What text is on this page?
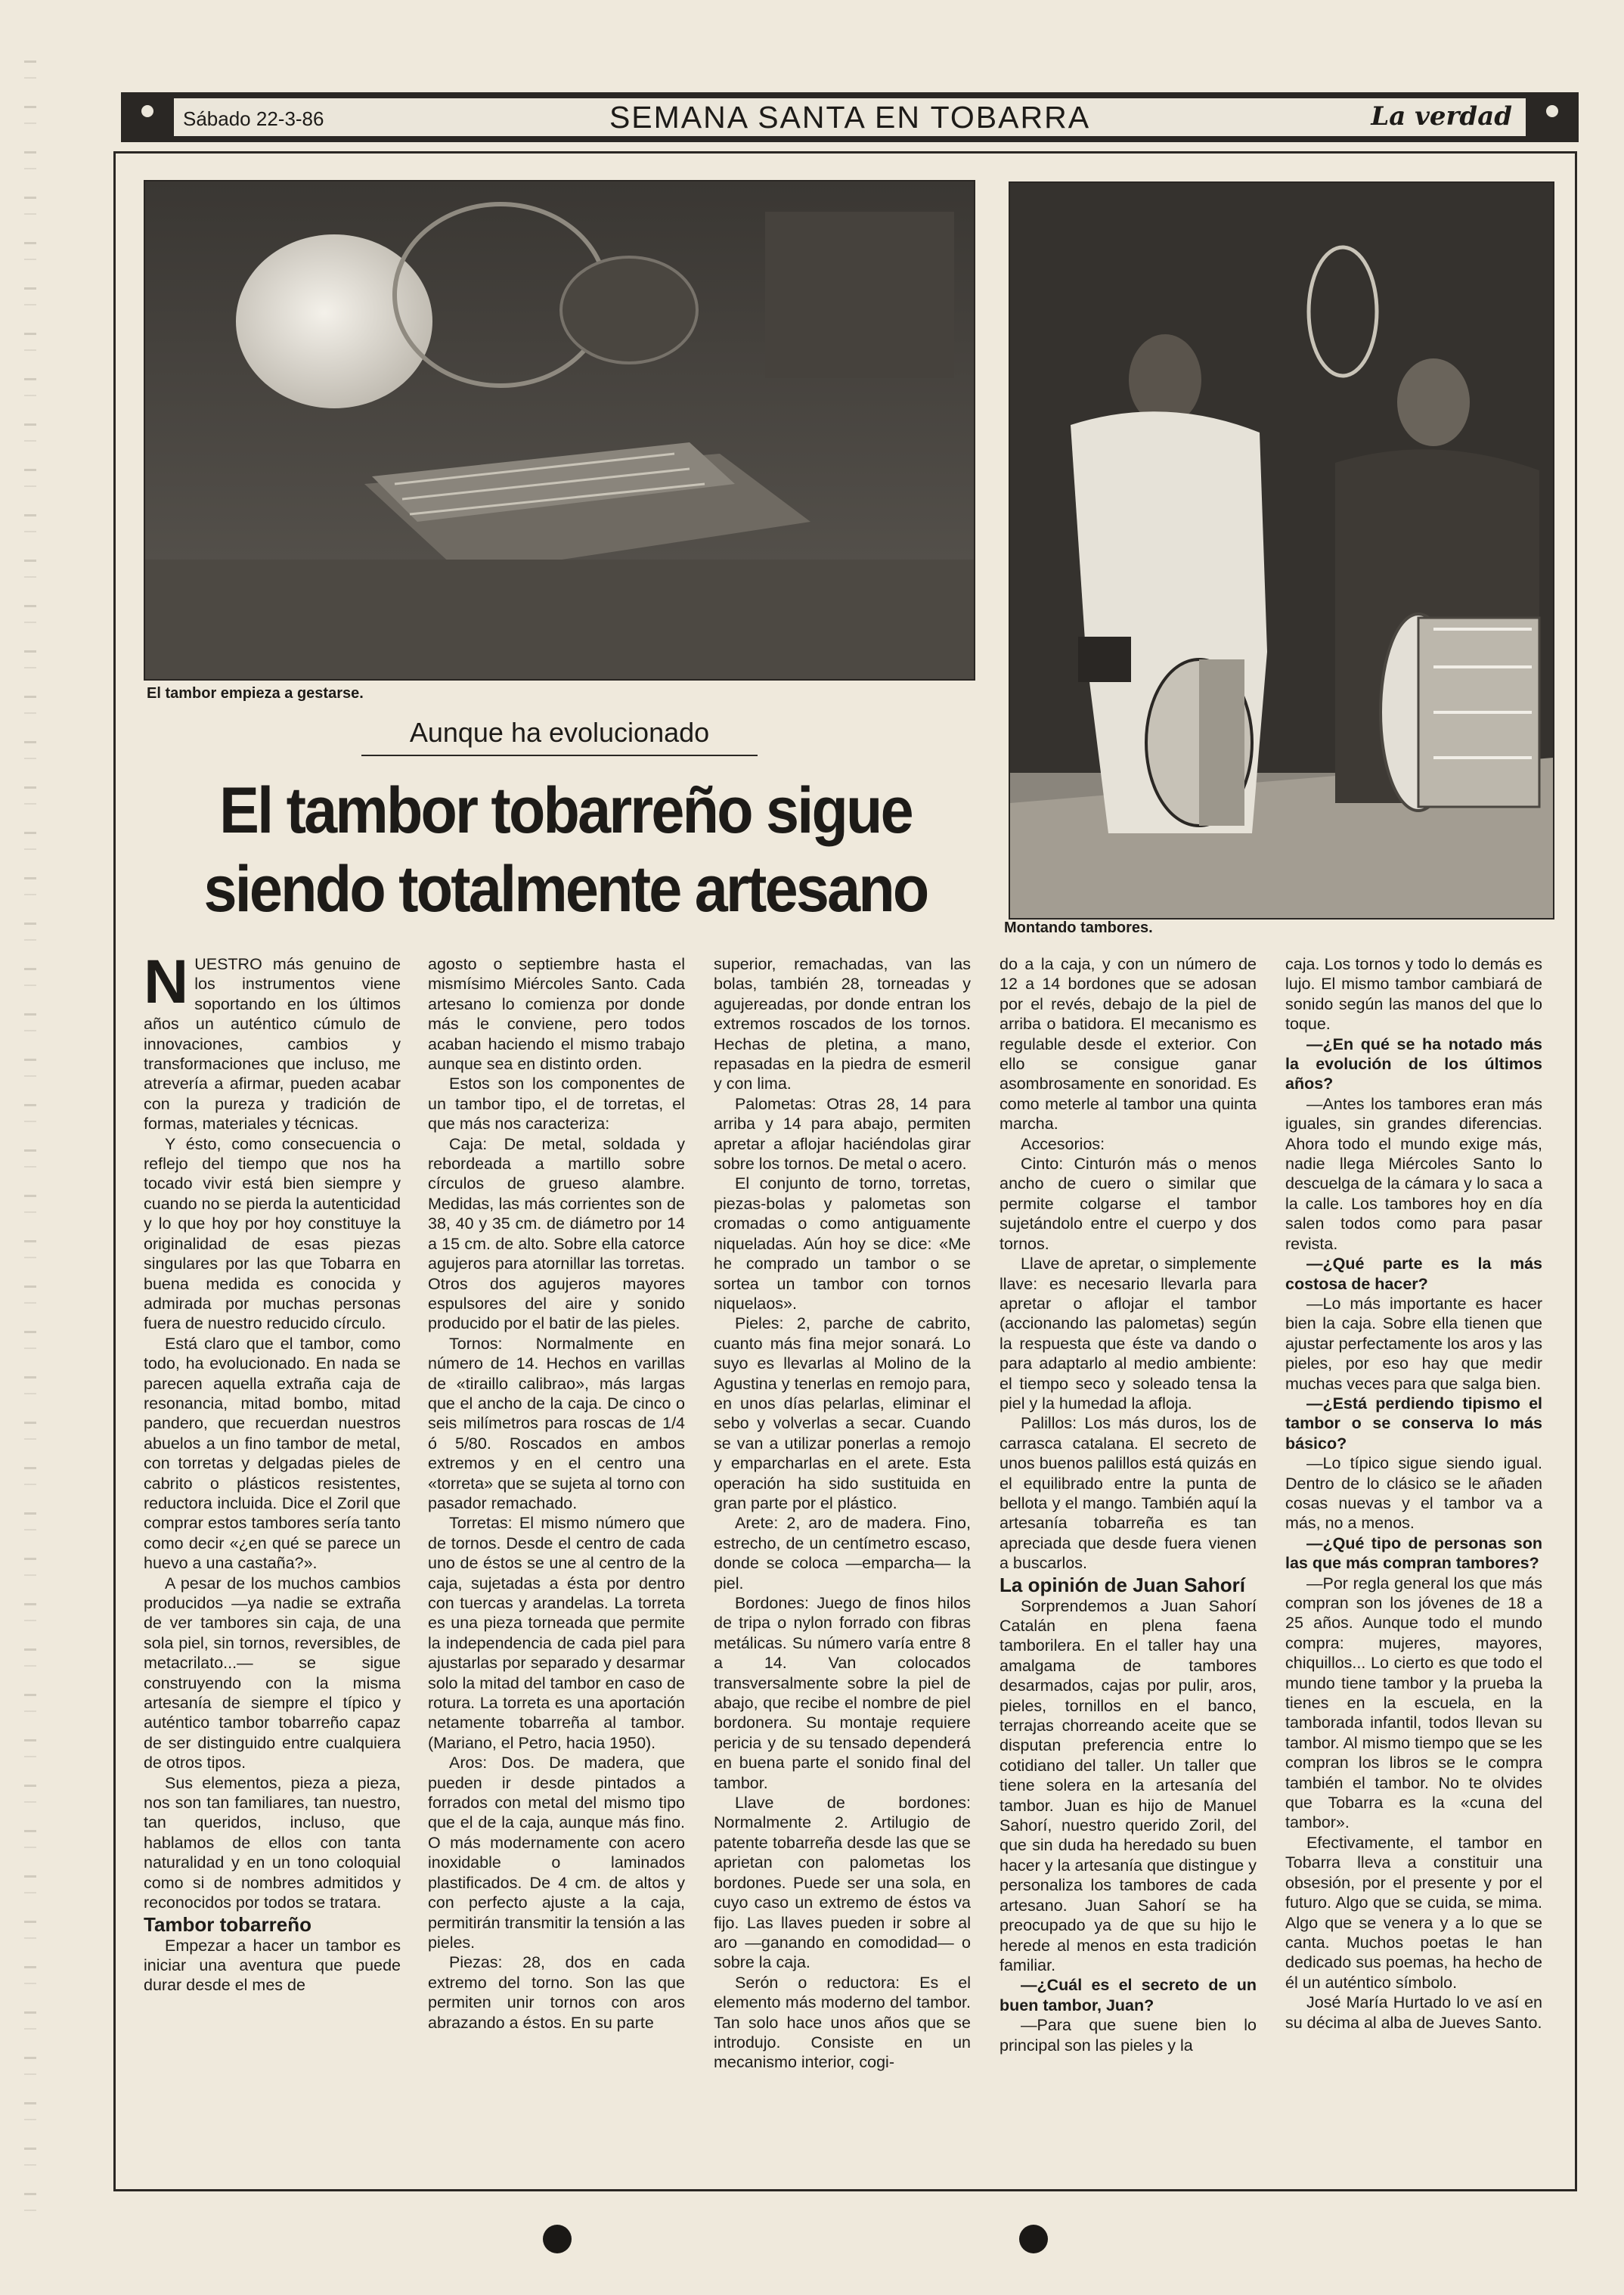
Sábado 22-3-86	SEMANA SANTA EN TOBARRA	La verdad
El tambor empieza a gestarse.
Montando tambores.
Aunque ha evolucionado
El tambor tobarreño sigue
siendo totalmente artesano

NUESTRO más genuino de los instrumentos viene soportando en los últimos años un auténtico cúmulo de innovaciones, cambios y transformaciones que incluso, me atrevería a afirmar, pueden acabar con la pureza y tradición de formas, materiales y técnicas.

Y ésto, como consecuencia o reflejo del tiempo que nos ha tocado vivir está bien siempre y cuando no se pierda la autenticidad y lo que hoy por hoy constituye la originalidad de esas piezas singulares por las que Tobarra en buena medida es conocida y admirada por muchas personas fuera de nuestro reducido círculo.

Está claro que el tambor, como todo, ha evolucionado. En nada se parecen aquella extraña caja de resonancia, mitad bombo, mitad pandero, que recuerdan nuestros abuelos a un fino tambor de metal, con torretas y delgadas pieles de cabrito o plásticos resistentes, reductora incluida. Dice el Zoril que comprar estos tambores sería tanto como decir «¿en qué se parece un huevo a una castaña?».

A pesar de los muchos cambios producidos —ya nadie se extraña de ver tambores sin caja, de una sola piel, sin tornos, reversibles, de metacrilato...— se sigue construyendo con la misma artesanía de siempre el típico y auténtico tambor tobarreño capaz de ser distinguido entre cualquiera de otros tipos.

Sus elementos, pieza a pieza, nos son tan familiares, tan nuestro, tan queridos, incluso, que hablamos de ellos con tanta naturalidad y en un tono coloquial como si de nombres admitidos y reconocidos por todos se tratara.

Tambor tobarreño

Empezar a hacer un tambor es iniciar una aventura que puede durar desde el mes de

agosto o septiembre hasta el mismísimo Miércoles Santo. Cada artesano lo comienza por donde más le conviene, pero todos acaban haciendo el mismo trabajo aunque sea en distinto orden.

Estos son los componentes de un tambor tipo, el de torretas, el que más nos caracteriza:

Caja: De metal, soldada y rebordeada a martillo sobre círculos de grueso alambre. Medidas, las más corrientes son de 38, 40 y 35 cm. de diámetro por 14 a 15 cm. de alto. Sobre ella catorce agujeros para atornillar las torretas. Otros dos agujeros mayores espulsores del aire y sonido producido por el batir de las pieles.

Tornos: Normalmente en número de 14. Hechos en varillas de «tiraillo calibrao», más largas que el ancho de la caja. De cinco o seis milímetros para roscas de 1/4 ó 5/80. Roscados en ambos extremos y en el centro una «torreta» que se sujeta al torno con pasador remachado.

Torretas: El mismo número que de tornos. Desde el centro de cada uno de éstos se une al centro de la caja, sujetadas a ésta por dentro con tuercas y arandelas. La torreta es una pieza torneada que permite la independencia de cada piel para ajustarlas por separado y desarmar solo la mitad del tambor en caso de rotura. La torreta es una aportación netamente tobarreña al tambor. (Mariano, el Petro, hacia 1950).

Aros: Dos. De madera, que pueden ir desde pintados a forrados con metal del mismo tipo que el de la caja, aunque más fino. O más modernamente con acero inoxidable o laminados plastificados. De 4 cm. de altos y con perfecto ajuste a la caja, permitirán transmitir la tensión a las pieles.

Piezas: 28, dos en cada extremo del torno. Son las que permiten unir tornos con aros abrazando a éstos. En su parte

superior, remachadas, van las bolas, también 28, torneadas y agujereadas, por donde entran los extremos roscados de los tornos. Hechas de pletina, a mano, repasadas en la piedra de esmeril y con lima.

Palometas: Otras 28, 14 para arriba y 14 para abajo, permiten apretar a aflojar haciéndolas girar sobre los tornos. De metal o acero.

El conjunto de torno, torretas, piezas-bolas y palometas son cromadas o como antiguamente niqueladas. Aún hoy se dice: «Me he comprado un tambor o se sortea un tambor con tornos niquelaos».

Pieles: 2, parche de cabrito, cuanto más fina mejor sonará. Lo suyo es llevarlas al Molino de la Agustina y tenerlas en remojo para, en unos días pelarlas, eliminar el sebo y volverlas a secar. Cuando se van a utilizar ponerlas a remojo y emparcharlas en el arete. Esta operación ha sido sustituida en gran parte por el plástico.

Arete: 2, aro de madera. Fino, estrecho, de un centímetro escaso, donde se coloca —emparcha— la piel.

Bordones: Juego de finos hilos de tripa o nylon forrado con fibras metálicas. Su número varía entre 8 a 14. Van colocados transversalmente sobre la piel de abajo, que recibe el nombre de piel bordonera. Su montaje requiere pericia y de su tensado dependerá en buena parte el sonido final del tambor.

Llave de bordones: Normalmente 2. Artilugio de patente tobarreña desde las que se aprietan con palometas los bordones. Puede ser una sola, en cuyo caso un extremo de éstos va fijo. Las llaves pueden ir sobre al aro —ganando en comodidad— o sobre la caja.

Serón o reductora: Es el elemento más moderno del tambor. Tan solo hace unos años que se introdujo. Consiste en un mecanismo interior, cogi-

do a la caja, y con un número de 12 a 14 bordones que se adosan por el revés, debajo de la piel de arriba o batidora. El mecanismo es regulable desde el exterior. Con ello se consigue ganar asombrosamente en sonoridad. Es como meterle al tambor una quinta marcha.

Accesorios:

Cinto: Cinturón más o menos ancho de cuero o similar que permite colgarse el tambor sujetándolo entre el cuerpo y dos tornos.

Llave de apretar, o simplemente llave: es necesario llevarla para apretar o aflojar el tambor (accionando las palometas) según la respuesta que éste va dando o para adaptarlo al medio ambiente: el tiempo seco y soleado tensa la piel y la humedad la afloja.

Palillos: Los más duros, los de carrasca catalana. El secreto de unos buenos palillos está quizás en el equilibrado entre la punta de bellota y el mango. También aquí la artesanía tobarreña es tan apreciada que desde fuera vienen a buscarlos.

La opinión de Juan Sahorí

Sorprendemos a Juan Sahorí Catalán en plena faena tamborilera. En el taller hay una amalgama de tambores desarmados, cajas por pulir, aros, pieles, tornillos en el banco, terrajas chorreando aceite que se disputan preferencia entre lo cotidiano del taller. Un taller que tiene solera en la artesanía del tambor. Juan es hijo de Manuel Sahorí, nuestro querido Zoril, del que sin duda ha heredado su buen hacer y la artesanía que distingue y personaliza los tambores de cada artesano. Juan Sahorí se ha preocupado ya de que su hijo le herede al menos en esta tradición familiar.

—¿Cuál es el secreto de un buen tambor, Juan?

—Para que suene bien lo principal son las pieles y la

caja. Los tornos y todo lo demás es lujo. El mismo tambor cambiará de sonido según las manos del que lo toque.

—¿En qué se ha notado más la evolución de los últimos años?

—Antes los tambores eran más iguales, sin grandes diferencias. Ahora todo el mundo exige más, nadie llega Miércoles Santo lo descuelga de la cámara y lo saca a la calle. Los tambores hoy en día salen todos como para pasar revista.

—¿Qué parte es la más costosa de hacer?

—Lo más importante es hacer bien la caja. Sobre ella tienen que ajustar perfectamente los aros y las pieles, por eso hay que medir muchas veces para que salga bien.

—¿Está perdiendo tipismo el tambor o se conserva lo más básico?

—Lo típico sigue siendo igual. Dentro de lo clásico se le añaden cosas nuevas y el tambor va a más, no a menos.

—¿Qué tipo de personas son las que más compran tambores?

—Por regla general los que más compran son los jóvenes de 18 a 25 años. Aunque todo el mundo compra: mujeres, mayores, chiquillos... Lo cierto es que todo el mundo tiene tambor y la prueba la tienes en la escuela, en la tamborada infantil, todos llevan su tambor. Al mismo tiempo que se les compran los libros se le compra también el tambor. No te olvides que Tobarra es la «cuna del tambor».

Efectivamente, el tambor en Tobarra lleva a constituir una obsesión, por el presente y por el futuro. Algo que se cuida, se mima. Algo que se venera y a lo que se canta. Muchos poetas le han dedicado sus poemas, ha hecho de él un auténtico símbolo.

José María Hurtado lo ve así en su décima al alba de Jueves Santo.
